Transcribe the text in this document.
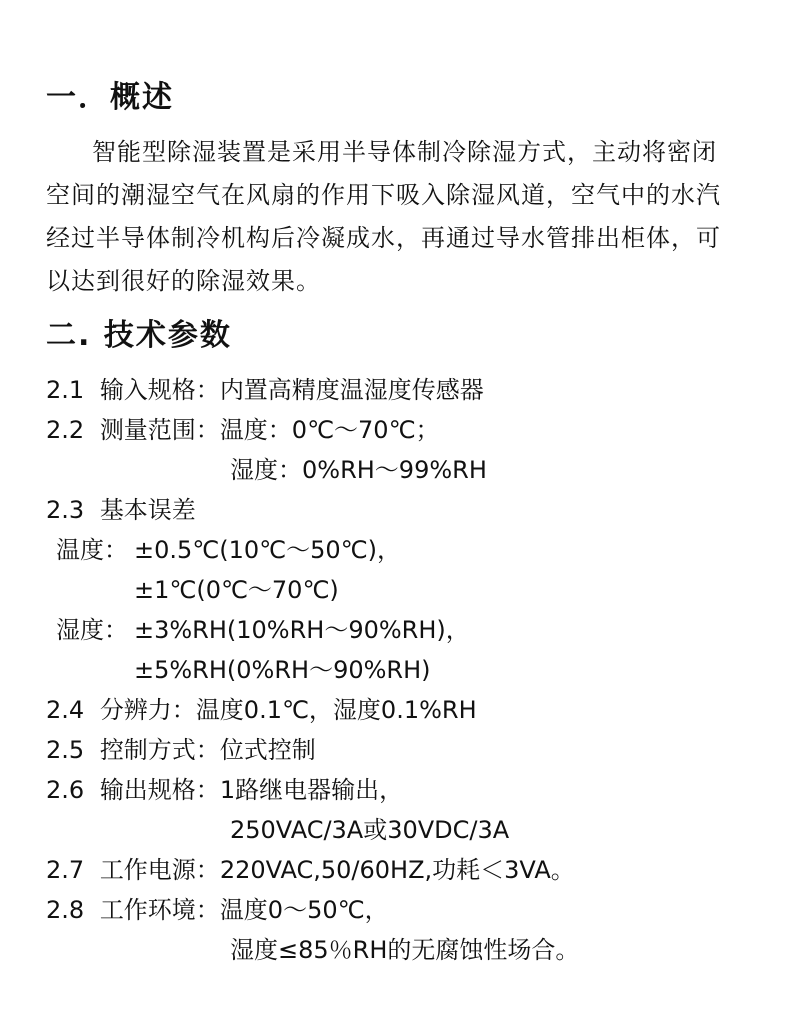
一．概述
智能型除湿装置是采用半导体制冷除湿方式，主动将密闭
空间的潮湿空气在风扇的作用下吸入除湿风道，空气中的水汽
经过半导体制冷机构后冷凝成水，再通过导水管排出柜体，可
以达到很好的除湿效果。
二. 技术参数
2.1 输入规格：内置高精度温湿度传感器
2.2 测量范围：温度：0℃～70℃；
湿度：0%RH～99%RH
2.3 基本误差
温度： ±0.5℃(10℃～50℃)，
±1℃(0℃～70℃)
湿度： ±3%RH(10%RH～90%RH)，
±5%RH(0%RH～90%RH)
2.4 分辨力：温度0.1℃，湿度0.1%RH
2.5 控制方式：位式控制
2.6 输出规格：1路继电器输出，
250VAC/3A或30VDC/3A
2.7 工作电源：220VAC,50/60HZ,功耗＜3VA。
2.8 工作环境：温度0～50℃，
湿度≤85％RH的无腐蚀性场合。
